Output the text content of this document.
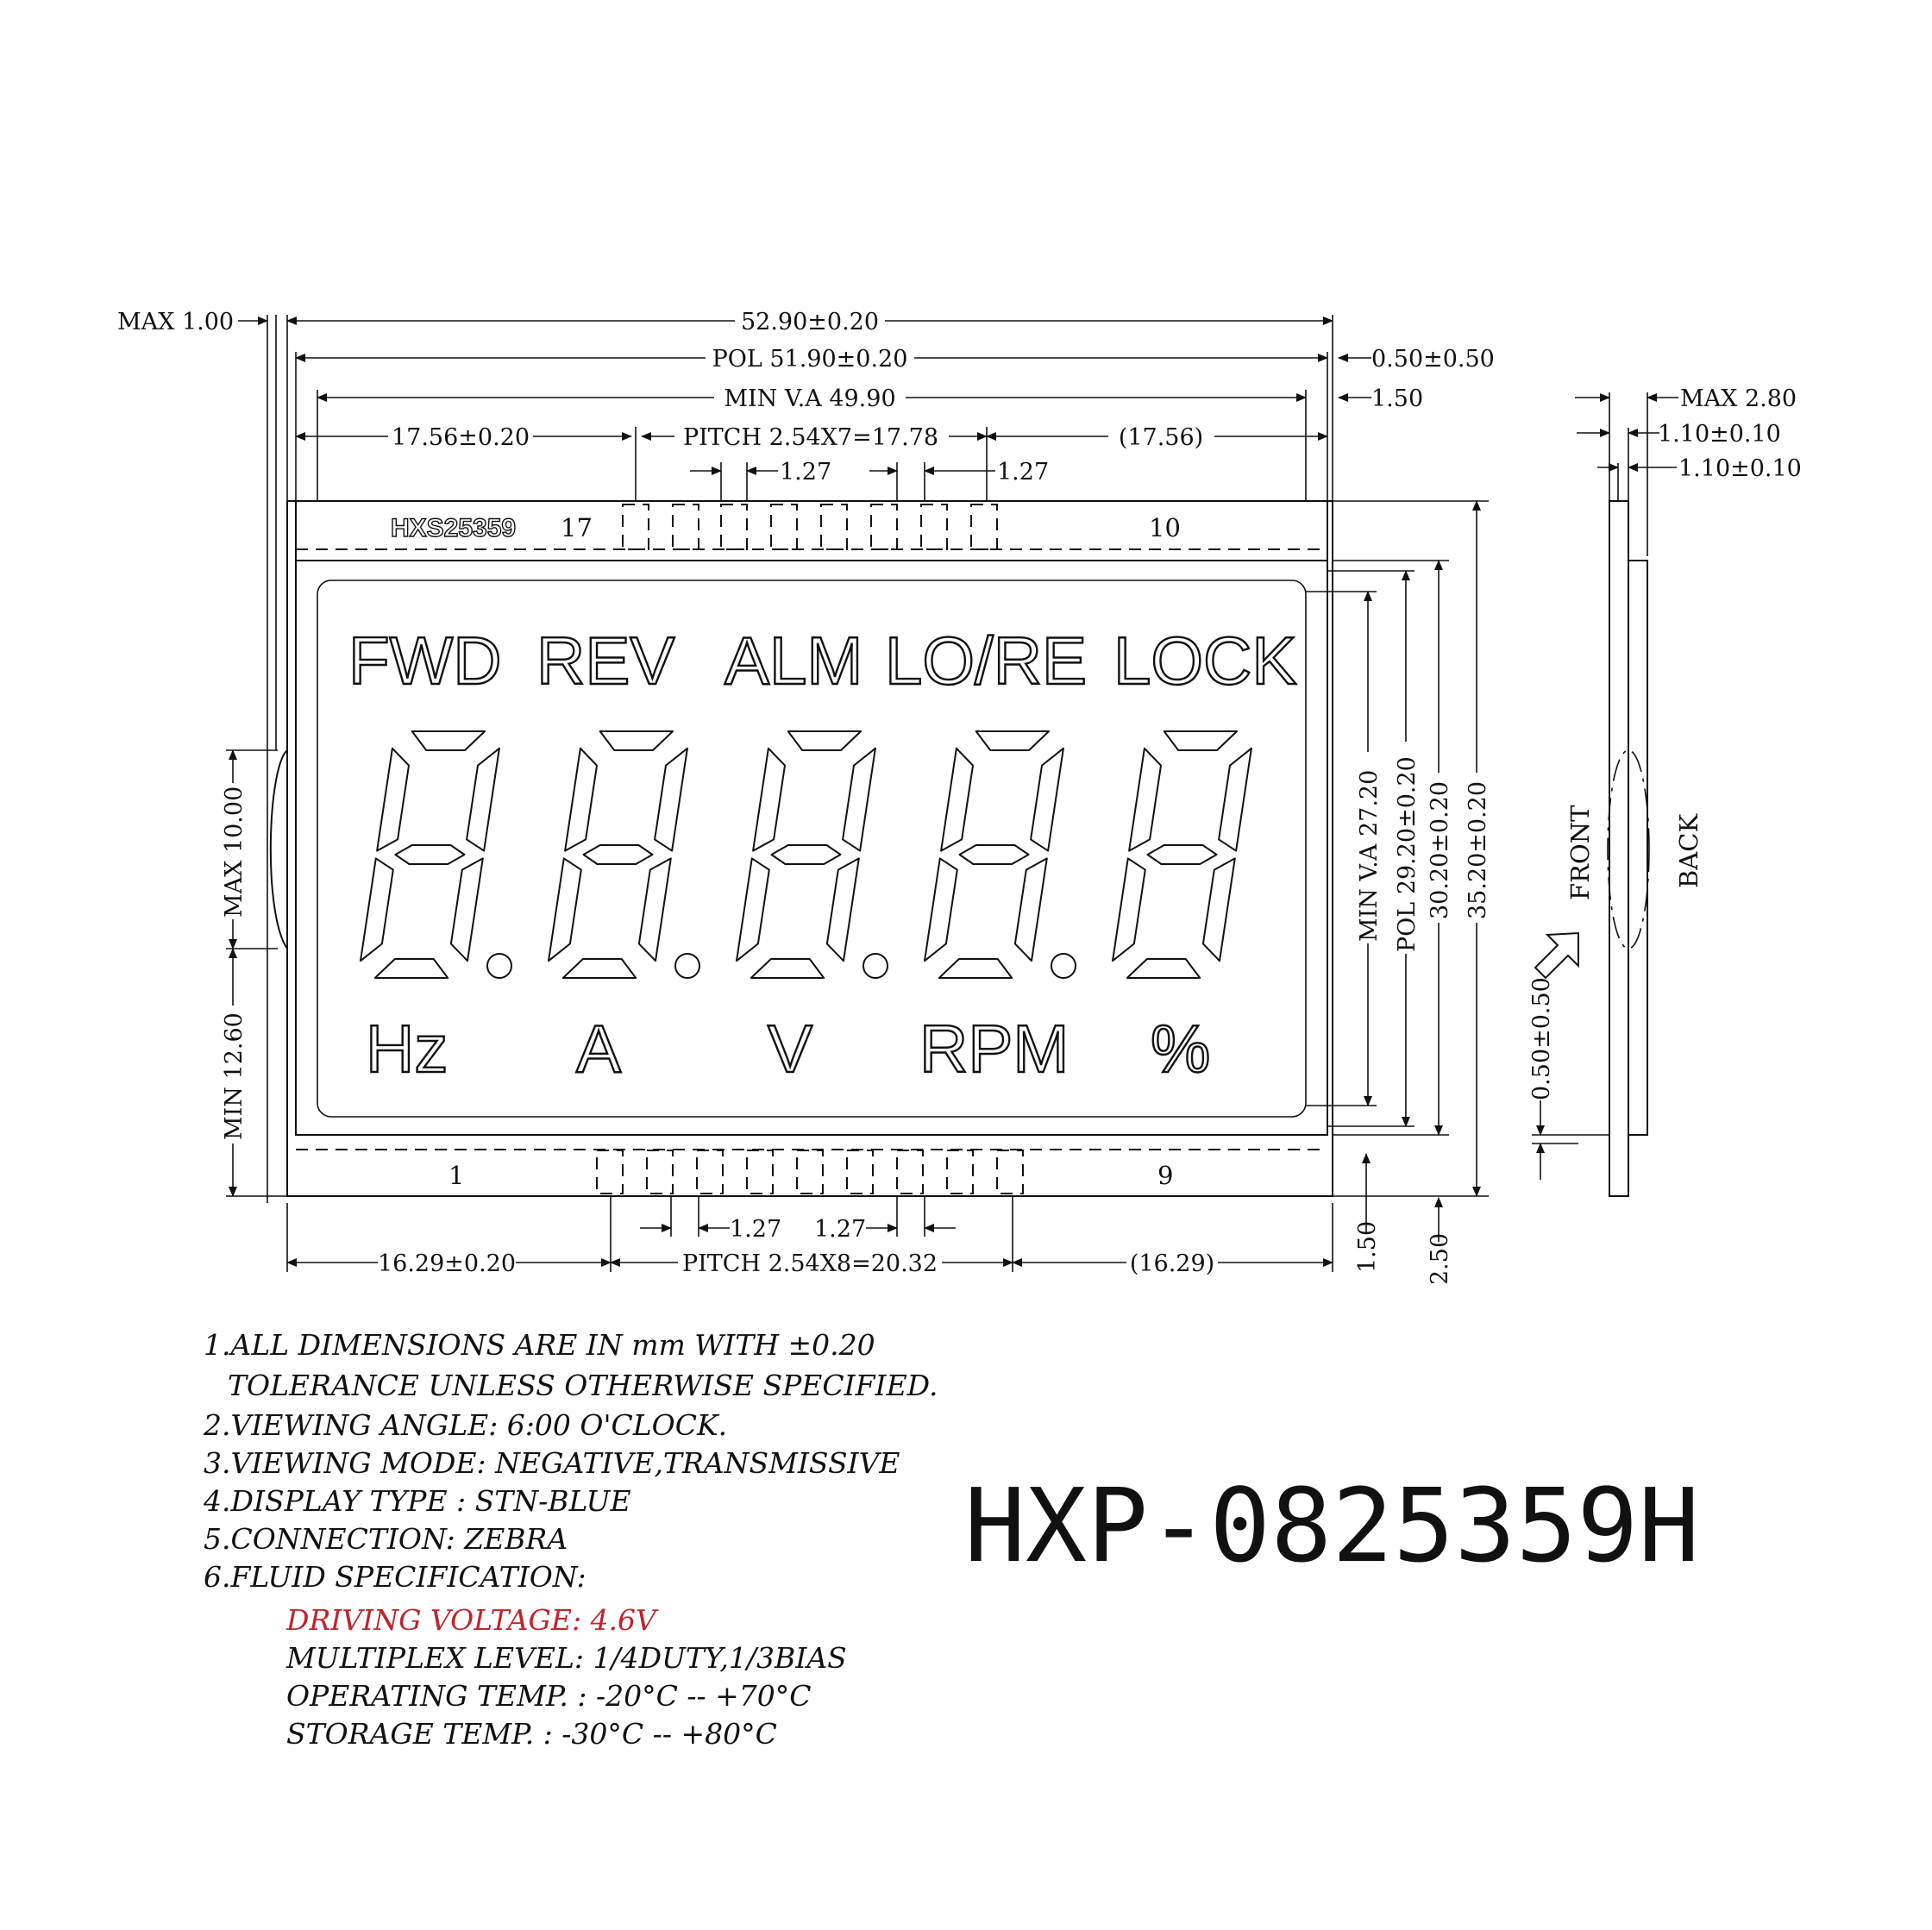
HXS25359 17	10
1	9
FWD REV ALM LO/RE LOCK
Hz A V RPM %
52.90±0.20
POL 51.90±0.20
MIN V.A 49.90
17.56±0.20	PITCH 2.54X7=17.78	(17.56)
1.27	1.27
MAX 1.00
0.50±0.50
1.50
16.29±0.20	PITCH 2.54X8=20.32	(16.29)
1.27 1.27	1.50 2.50
MAX 10.00
MIN 12.60
MIN V.A 27.20 POL 29.20±0.20 30.20±0.20 35.20±0.20
MAX 2.80
1.10±0.10
1.10±0.10
0.50±0.50
FRONT	BACK
1.ALL DIMENSIONS ARE IN mm WITH ±0.20
TOLERANCE UNLESS OTHERWISE SPECIFIED.
2.VIEWING ANGLE: 6:00 O'CLOCK.
3.VIEWING MODE: NEGATIVE,TRANSMISSIVE
4.DISPLAY TYPE : STN-BLUE
5.CONNECTION: ZEBRA
6.FLUID SPECIFICATION:
DRIVING VOLTAGE: 4.6V
MULTIPLEX LEVEL: 1/4DUTY,1/3BIAS
OPERATING TEMP. : -20°C -- +70°C
STORAGE TEMP. : -30°C -- +80°C
HXP-0825359H
